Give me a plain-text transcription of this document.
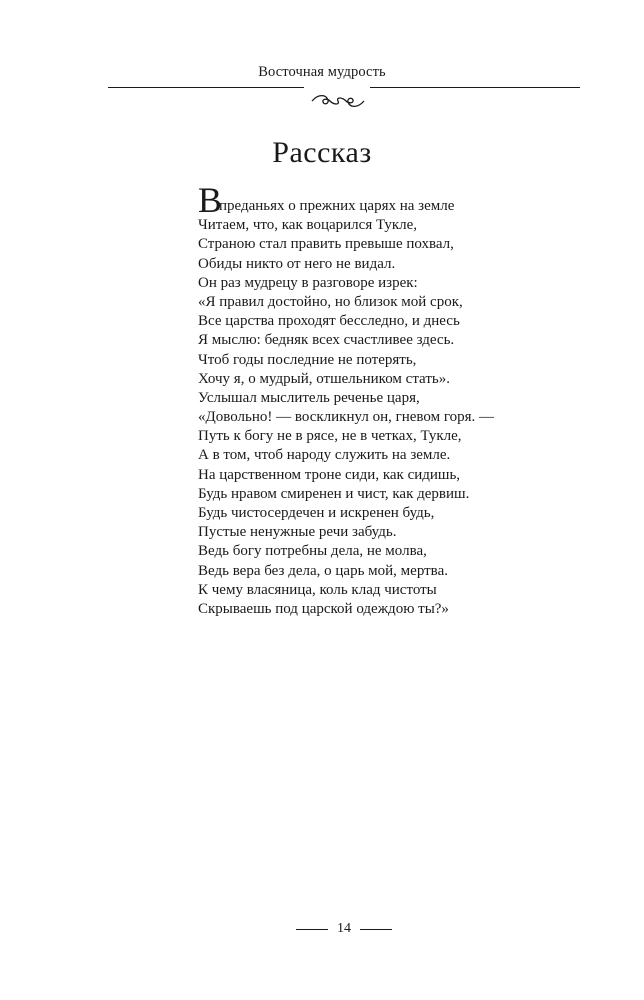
Восточная мудрость
Рассказ
В
преданьях о прежних царях на земле
Читаем, что, как воцарился Тукле,
Страною стал править превыше похвал,
Обиды никто от него не видал.
Он раз мудрецу в разговоре изрек:
«Я правил достойно, но близок мой срок,
Все царства проходят бесследно, и днесь
Я мыслю: бедняк всех счастливее здесь.
Чтоб годы последние не потерять,
Хочу я, о мудрый, отшельником стать».
Услышал мыслитель реченье царя,
«Довольно! — воскликнул он, гневом горя. —
Путь к богу не в рясе, не в четках, Тукле,
А в том, чтоб народу служить на земле.
На царственном троне сиди, как сидишь,
Будь нравом смиренен и чист, как дервиш.
Будь чистосердечен и искренен будь,
Пустые ненужные речи забудь.
Ведь богу потребны дела, не молва,
Ведь вера без дела, о царь мой, мертва.
К чему власяница, коль клад чистоты
Скрываешь под царской одеждою ты?»
14
